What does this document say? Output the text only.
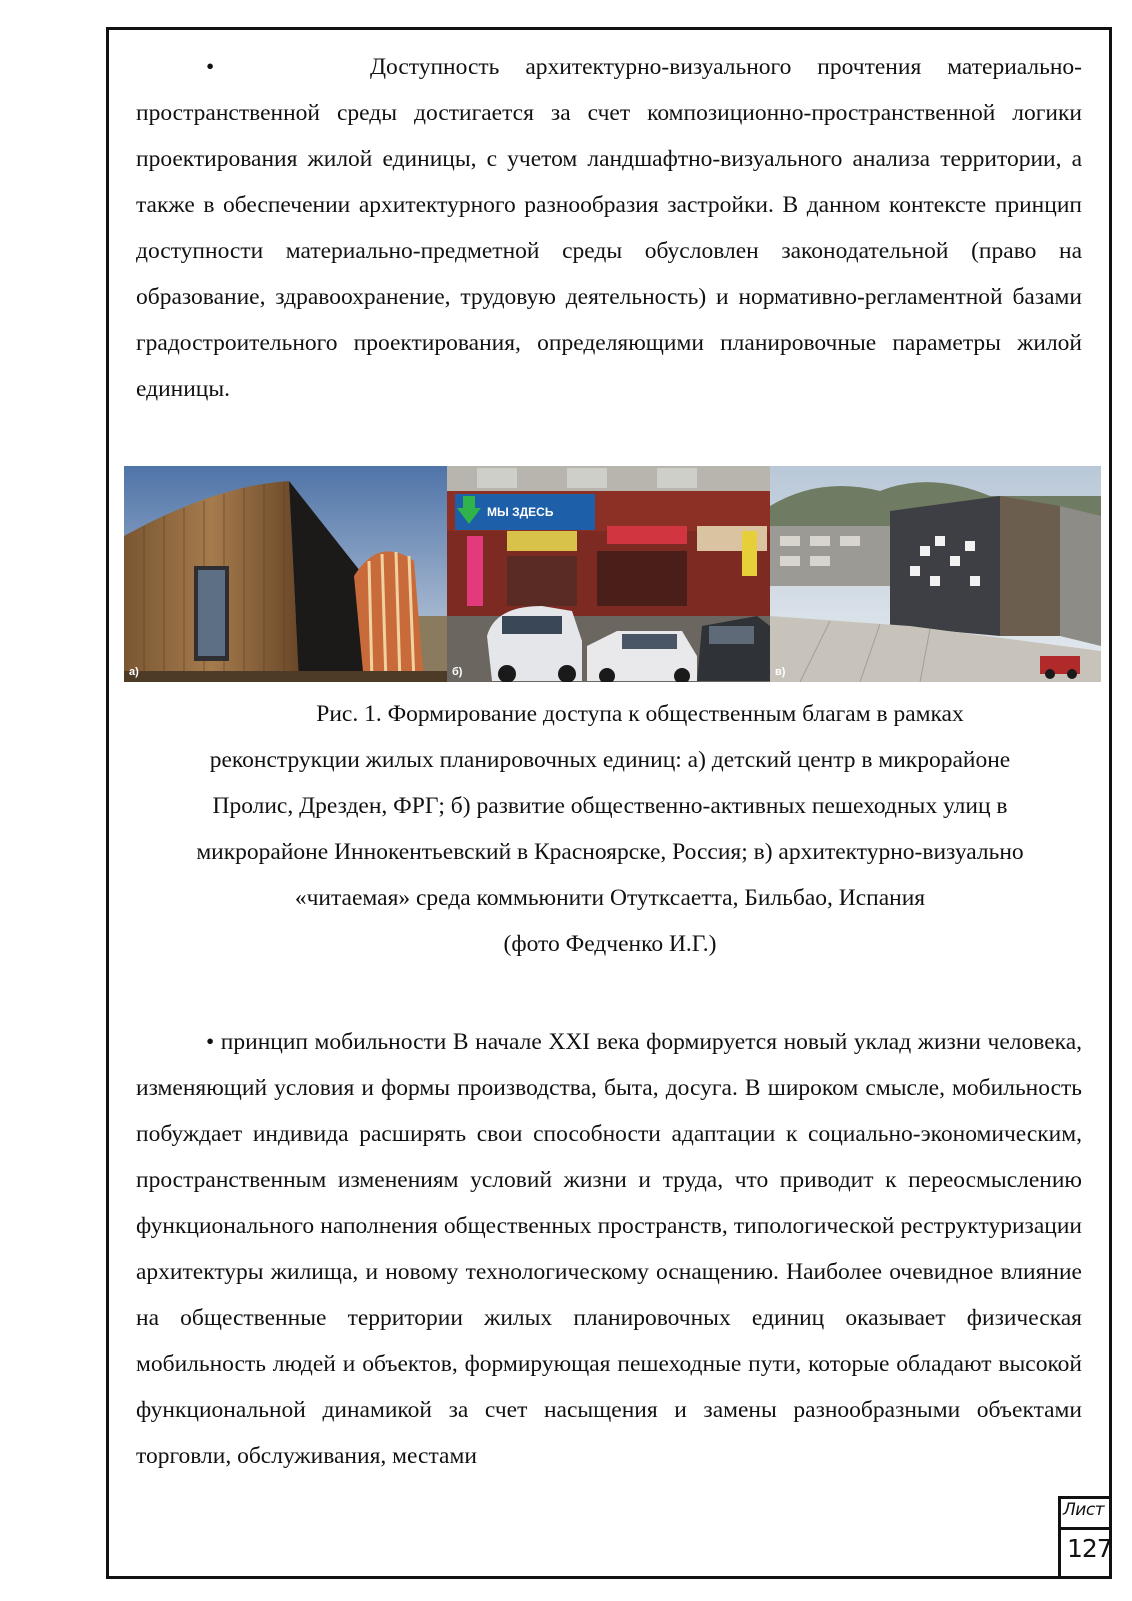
•	Доступность архитектурно-визуального прочтения материально-пространственной среды достигается за счет композиционно-пространственной логики проектирования жилой единицы, с учетом ландшафтно-визуального анализа территории, а также в обеспечении архитектурного разнообразия застройки. В данном контексте принцип доступности материально-предметной среды обусловлен законодательной (право на образование, здравоохранение, трудовую деятельность) и нормативно-регламентной базами градостроительного проектирования, определяющими планировочные параметры жилой единицы.

а)
МЫ ЗДЕСЬ
б)	в)

Рис. 1. Формирование доступа к общественным благам в рамках
реконструкции жилых планировочных единиц: а) детский центр в микрорайоне
Пролис, Дрезден, ФРГ; б) развитие общественно-активных пешеходных улиц в
микрорайоне Иннокентьевский в Красноярске, Россия; в) архитектурно-визуально
«читаемая» среда коммьюнити Отутксаетта, Бильбао, Испания
(фото Федченко И.Г.)

• принцип мобильности В начале XXI века формируется новый уклад жизни человека, изменяющий условия и формы производства, быта, досуга. В широком смысле, мобильность побуждает индивида расширять свои способности адаптации к социально-экономическим, пространственным изменениям условий жизни и труда, что приводит к переосмыслению функционального наполнения общественных пространств, типологической реструктуризации архитектуры жилища, и новому технологическому оснащению. Наиболее очевидное влияние на общественные территории жилых планировочных единиц оказывает физическая мобильность людей и объектов, формирующая пешеходные пути, которые обладают высокой функциональной динамикой за счет насыщения и замены разнообразными объектами торговли, обслуживания, местами

Лист
127
